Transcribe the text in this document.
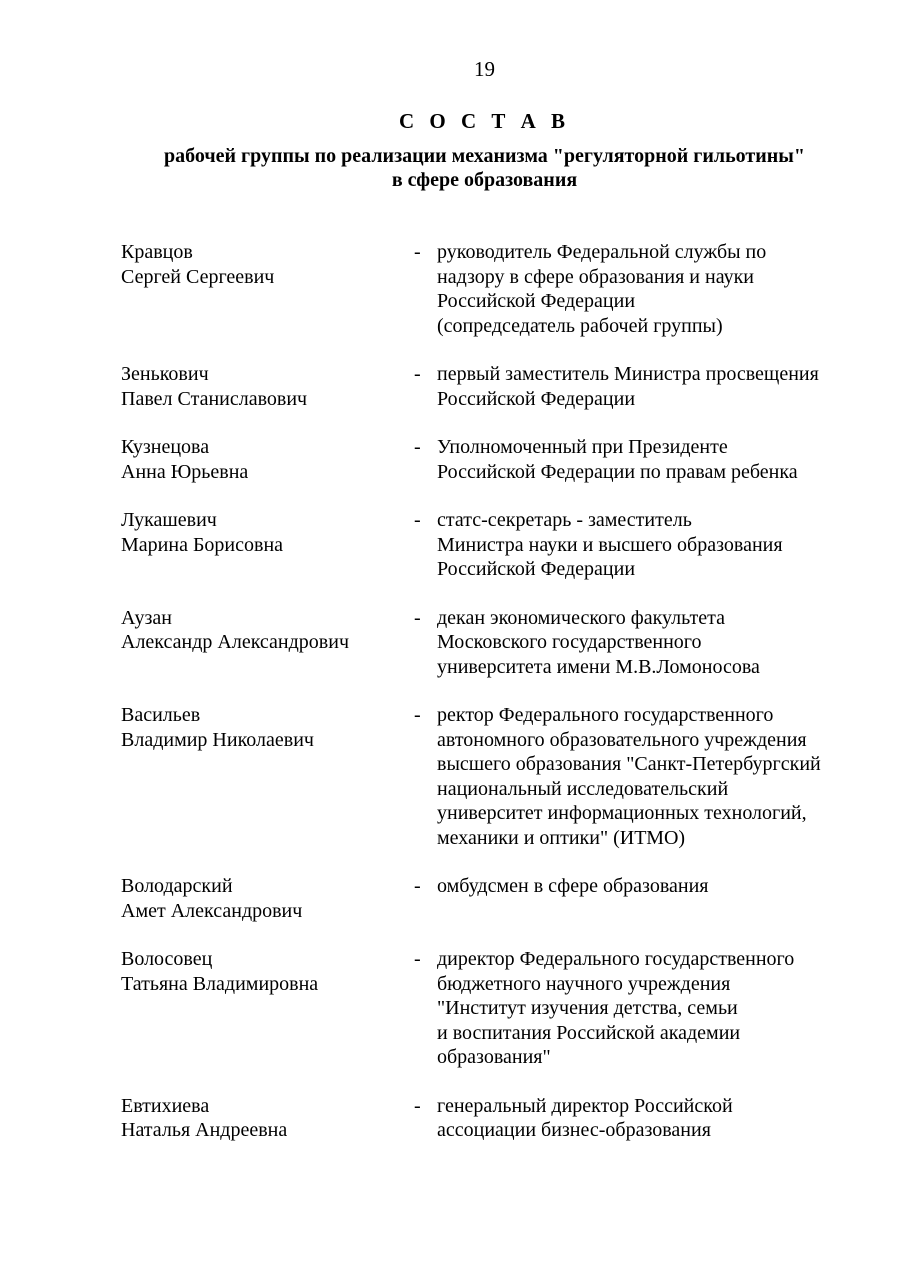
19
С О С Т А В
рабочей группы по реализации механизма "регуляторной гильотины"
в сфере образования
Кравцов
Сергей Сергеевич
- руководитель Федеральной службы по
надзору в сфере образования и науки
Российской Федерации
(сопредседатель рабочей группы)
Зенькович
Павел Станиславович
- первый заместитель Министра просвещения
Российской Федерации
Кузнецова
Анна Юрьевна
- Уполномоченный при Президенте
Российской Федерации по правам ребенка
Лукашевич
Марина Борисовна
- статс-секретарь - заместитель
Министра науки и высшего образования
Российской Федерации
Аузан
Александр Александрович
- декан экономического факультета
Московского государственного
университета имени М.В.Ломоносова
Васильев
Владимир Николаевич
- ректор Федерального государственного
автономного образовательного учреждения
высшего образования "Санкт-Петербургский
национальный исследовательский
университет информационных технологий,
механики и оптики" (ИТМО)
Володарский
Амет Александрович
- омбудсмен в сфере образования
Волосовец
Татьяна Владимировна
- директор Федерального государственного
бюджетного научного учреждения
"Институт изучения детства, семьи
и воспитания Российской академии
образования"
Евтихиева
Наталья Андреевна
- генеральный директор Российской
ассоциации бизнес-образования
